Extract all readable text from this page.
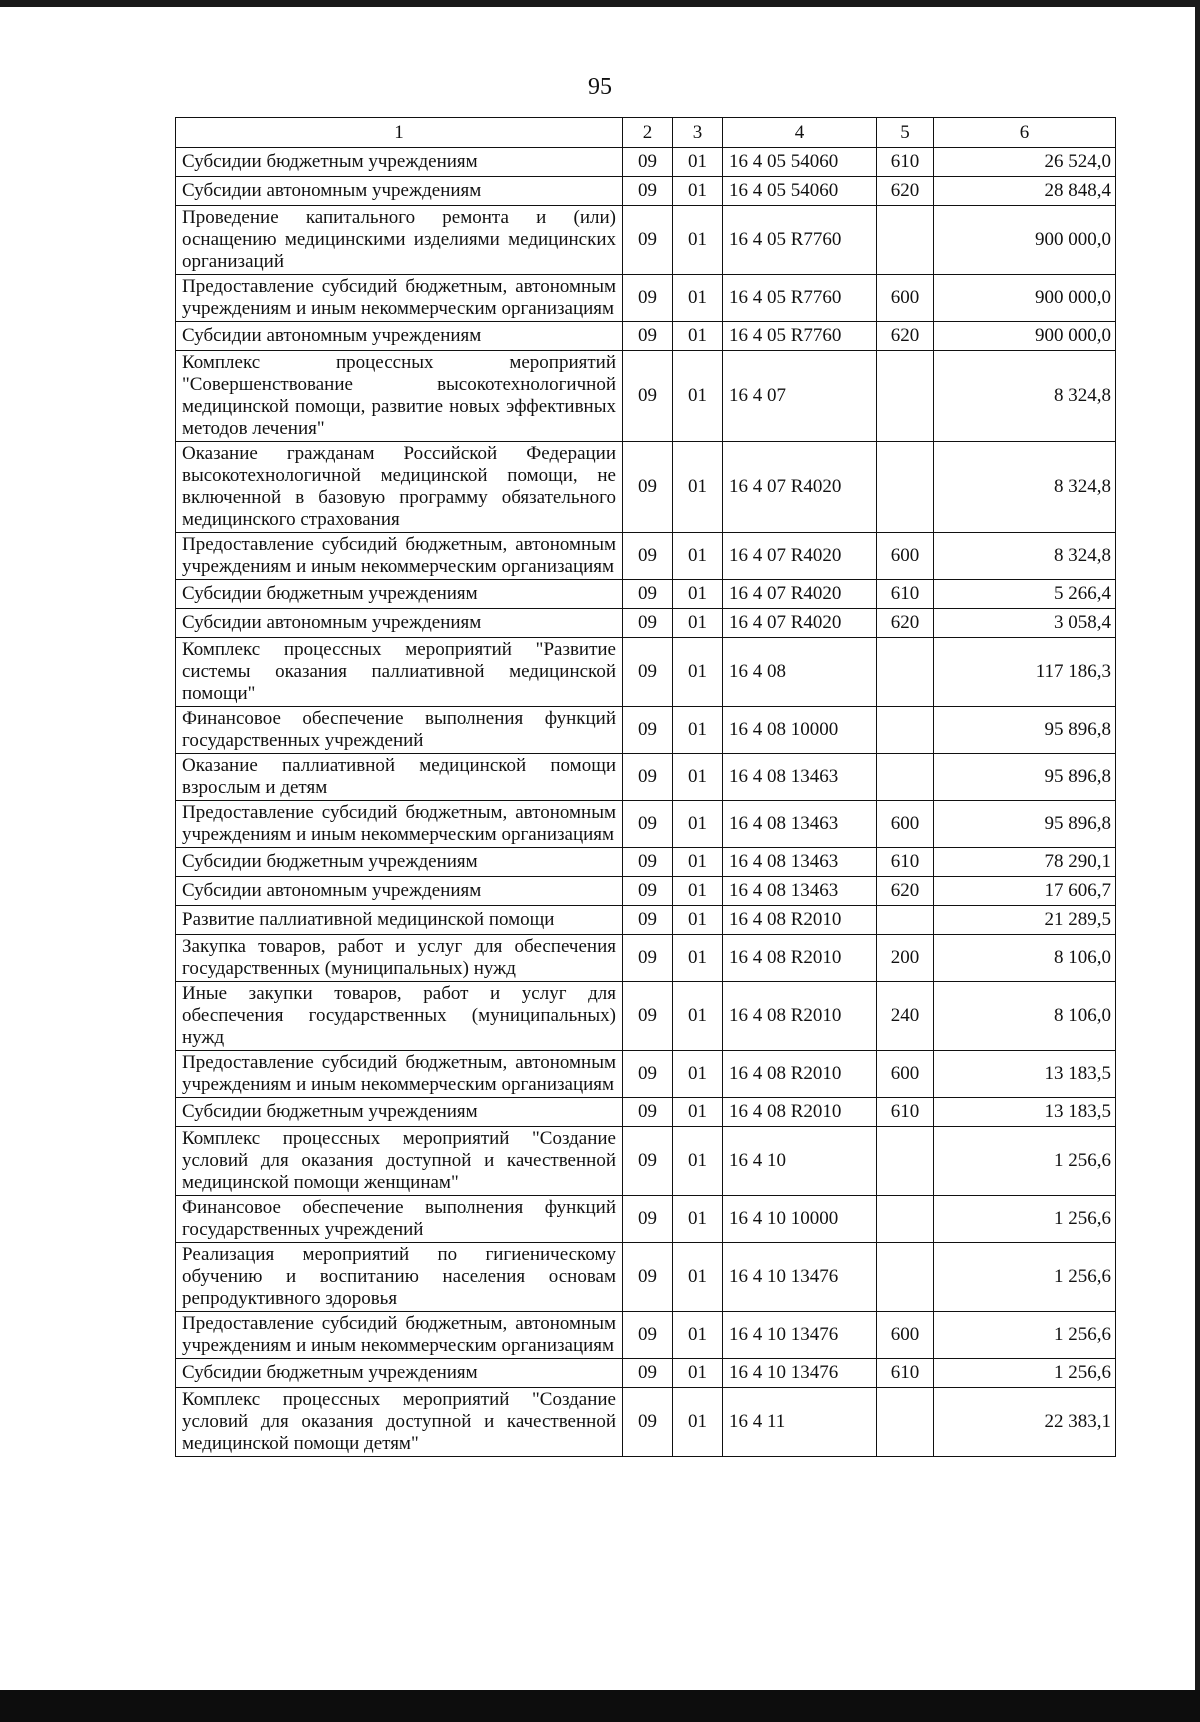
95
1	2	3	4	5	6
Субсидии бюджетным учреждениям	09	01	16 4 05 54060	610	26 524,0
Субсидии автономным учреждениям	09	01	16 4 05 54060	620	28 848,4
Проведение капитального ремонта и (или) оснащению медицинскими изделиями медицинских организаций	09	01	16 4 05 R7760		900 000,0
Предоставление субсидий бюджетным, автономным учреждениям и иным некоммерческим организациям	09	01	16 4 05 R7760	600	900 000,0
Субсидии автономным учреждениям	09	01	16 4 05 R7760	620	900 000,0
Комплекс процессных мероприятий "Совершенствование высокотехнологичной медицинской помощи, развитие новых эффективных методов лечения"	09	01	16 4 07		8 324,8
Оказание гражданам Российской Федерации высокотехнологичной медицинской помощи, не включенной в базовую программу обязательного медицинского страхования	09	01	16 4 07 R4020		8 324,8
Предоставление субсидий бюджетным, автономным учреждениям и иным некоммерческим организациям	09	01	16 4 07 R4020	600	8 324,8
Субсидии бюджетным учреждениям	09	01	16 4 07 R4020	610	5 266,4
Субсидии автономным учреждениям	09	01	16 4 07 R4020	620	3 058,4
Комплекс процессных мероприятий "Развитие системы оказания паллиативной медицинской помощи"	09	01	16 4 08		117 186,3
Финансовое обеспечение выполнения функций государственных учреждений	09	01	16 4 08 10000		95 896,8
Оказание паллиативной медицинской помощи взрослым и детям	09	01	16 4 08 13463		95 896,8
Предоставление субсидий бюджетным, автономным учреждениям и иным некоммерческим организациям	09	01	16 4 08 13463	600	95 896,8
Субсидии бюджетным учреждениям	09	01	16 4 08 13463	610	78 290,1
Субсидии автономным учреждениям	09	01	16 4 08 13463	620	17 606,7
Развитие паллиативной медицинской помощи	09	01	16 4 08 R2010		21 289,5
Закупка товаров, работ и услуг для обеспечения государственных (муниципальных) нужд	09	01	16 4 08 R2010	200	8 106,0
Иные закупки товаров, работ и услуг для обеспечения государственных (муниципальных) нужд	09	01	16 4 08 R2010	240	8 106,0
Предоставление субсидий бюджетным, автономным учреждениям и иным некоммерческим организациям	09	01	16 4 08 R2010	600	13 183,5
Субсидии бюджетным учреждениям	09	01	16 4 08 R2010	610	13 183,5
Комплекс процессных мероприятий "Создание условий для оказания доступной и качественной медицинской помощи женщинам"	09	01	16 4 10		1 256,6
Финансовое обеспечение выполнения функций государственных учреждений	09	01	16 4 10 10000		1 256,6
Реализация мероприятий по гигиеническому обучению и воспитанию населения основам репродуктивного здоровья	09	01	16 4 10 13476		1 256,6
Предоставление субсидий бюджетным, автономным учреждениям и иным некоммерческим организациям	09	01	16 4 10 13476	600	1 256,6
Субсидии бюджетным учреждениям	09	01	16 4 10 13476	610	1 256,6
Комплекс процессных мероприятий "Создание условий для оказания доступной и качественной медицинской помощи детям"	09	01	16 4 11		22 383,1
